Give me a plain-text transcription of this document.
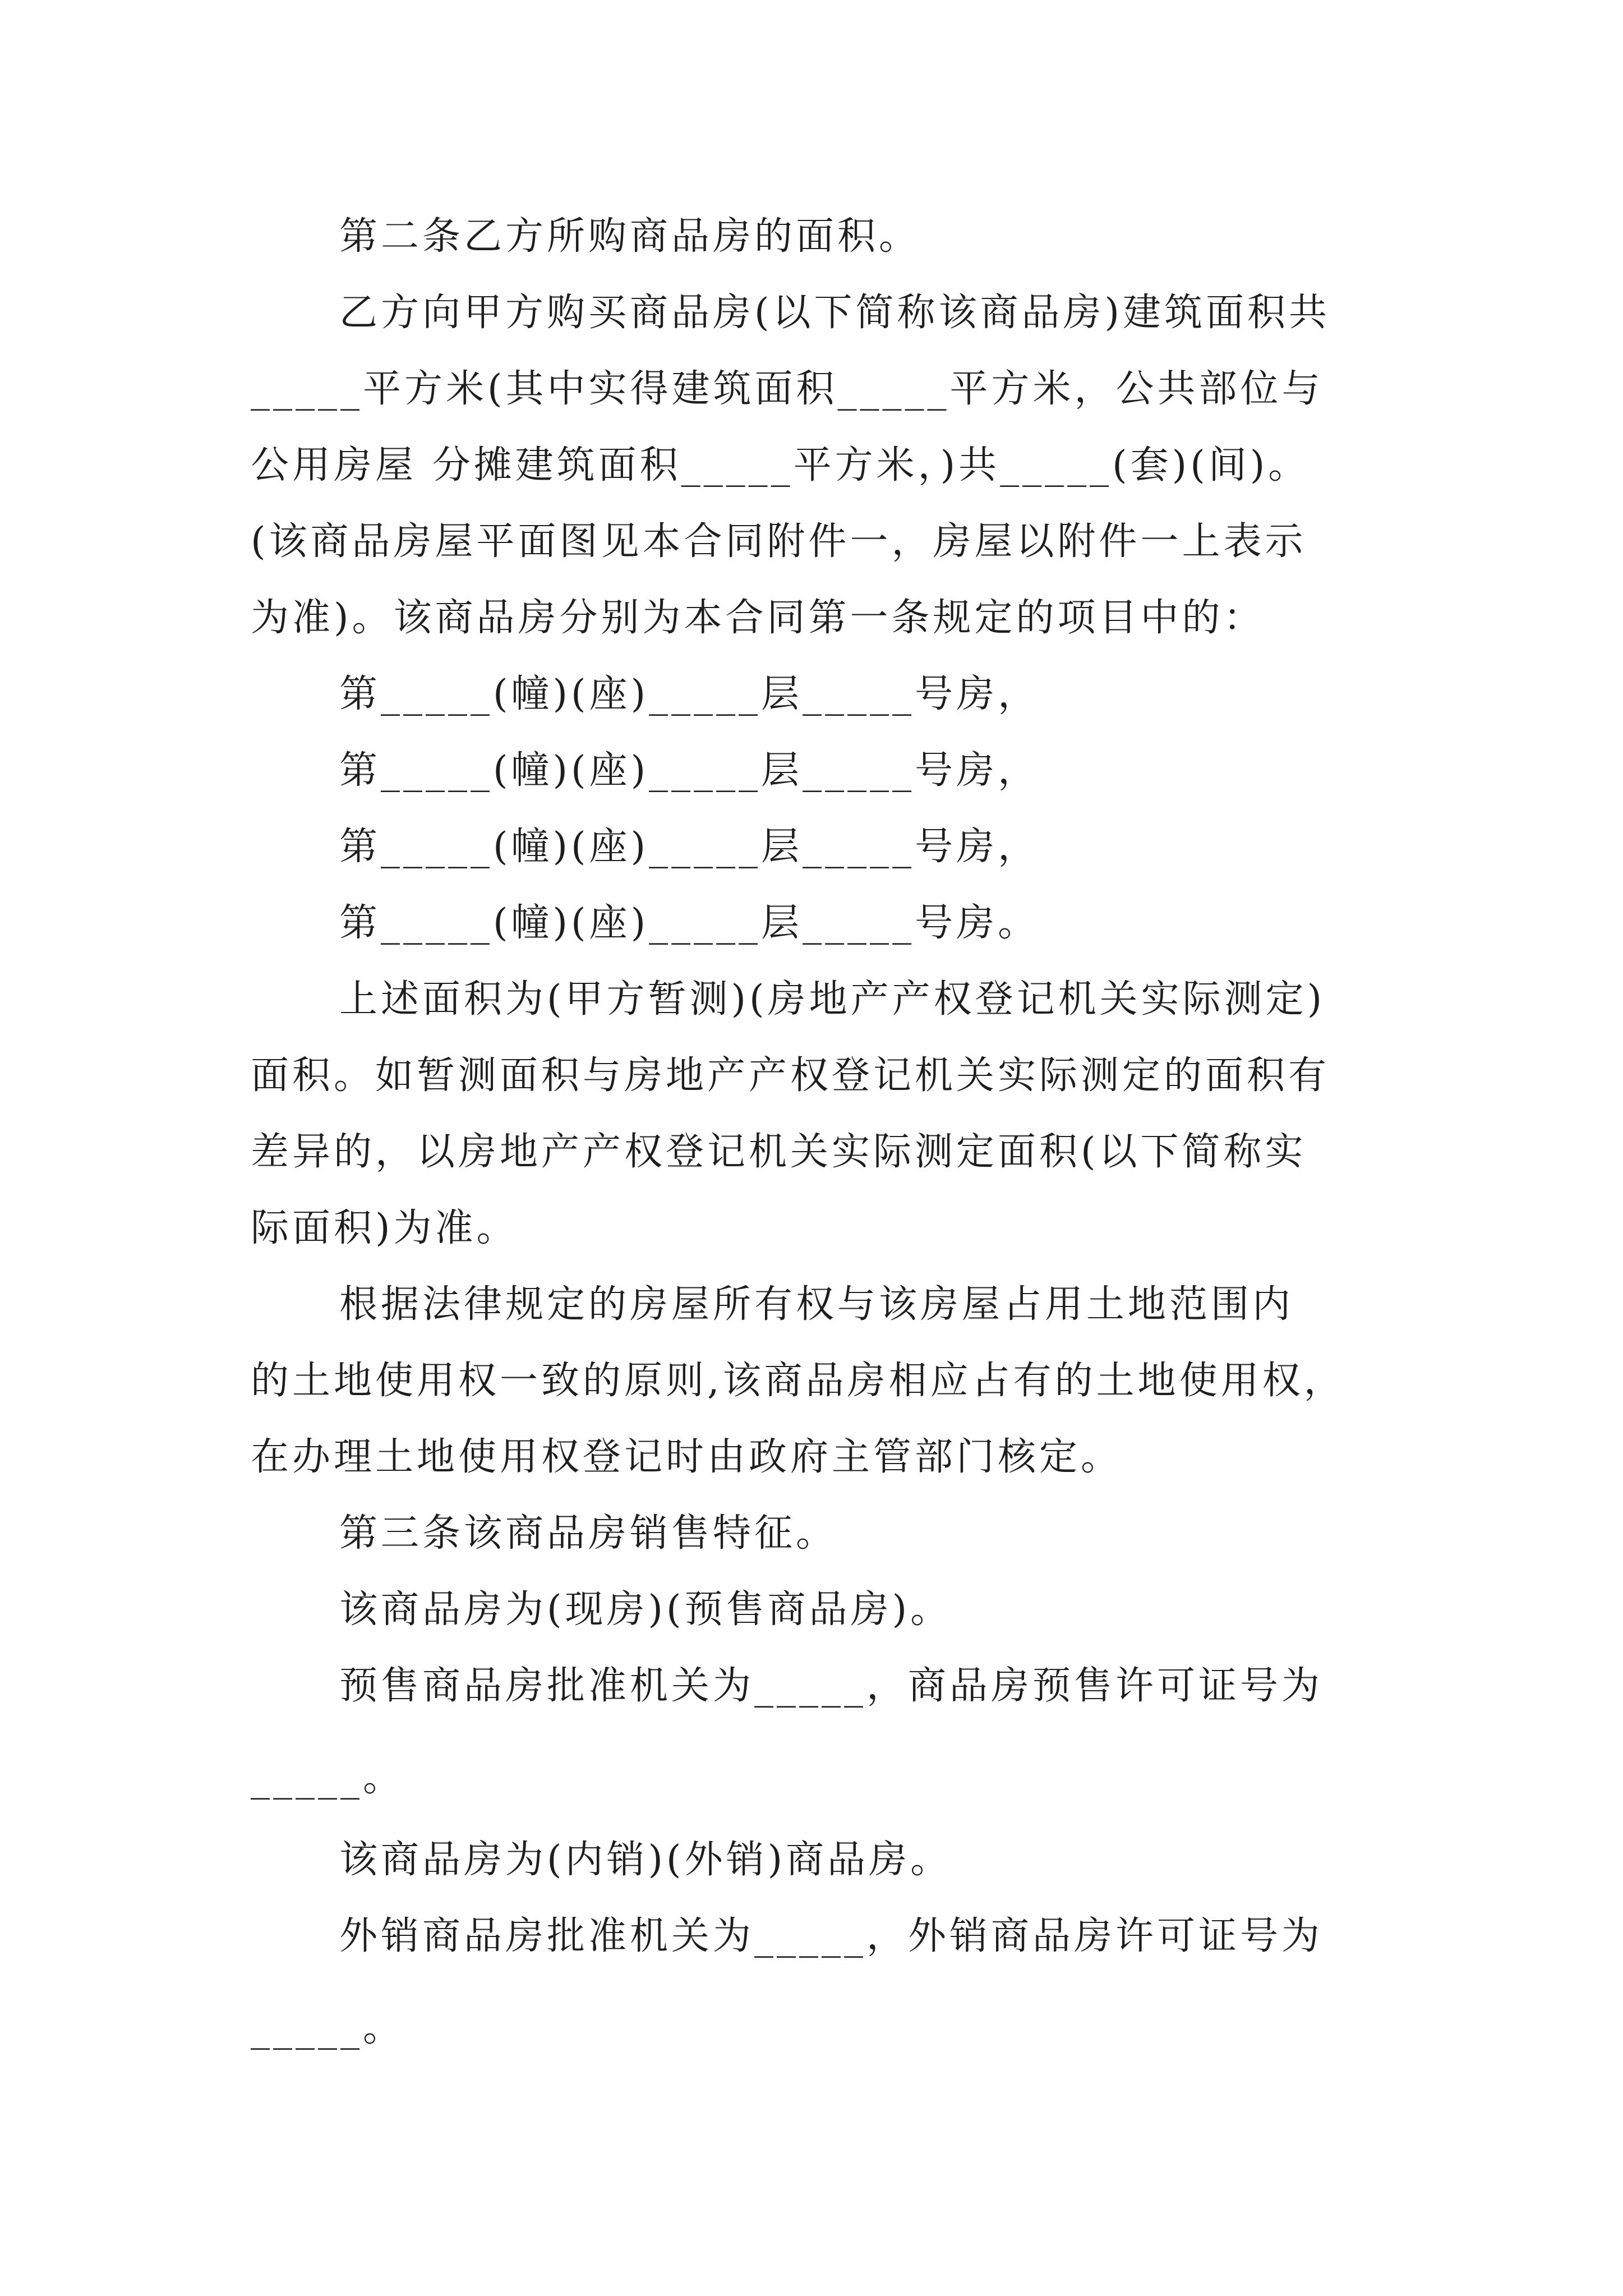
第二条乙方所购商品房的面积。
乙方向甲方购买商品房(以下简称该商品房)建筑面积共
_____平方米(其中实得建筑面积_____平方米，公共部位与
公用房屋 分摊建筑面积_____平方米，)共_____(套)(间)。
(该商品房屋平面图见本合同附件一，房屋以附件一上表示
为准)。该商品房分别为本合同第一条规定的项目中的：
第_____(幢)(座)_____层_____号房，
第_____(幢)(座)_____层_____号房，
第_____(幢)(座)_____层_____号房，
第_____(幢)(座)_____层_____号房。
上述面积为(甲方暂测)(房地产产权登记机关实际测定)
面积。如暂测面积与房地产产权登记机关实际测定的面积有
差异的，以房地产产权登记机关实际测定面积(以下简称实
际面积)为准。
根据法律规定的房屋所有权与该房屋占用土地范围内
的土地使用权一致的原则,该商品房相应占有的土地使用权，
在办理土地使用权登记时由政府主管部门核定。
第三条该商品房销售特征。
该商品房为(现房)(预售商品房)。
预售商品房批准机关为_____，商品房预售许可证号为
_____。
该商品房为(内销)(外销)商品房。
外销商品房批准机关为_____，外销商品房许可证号为
_____。
